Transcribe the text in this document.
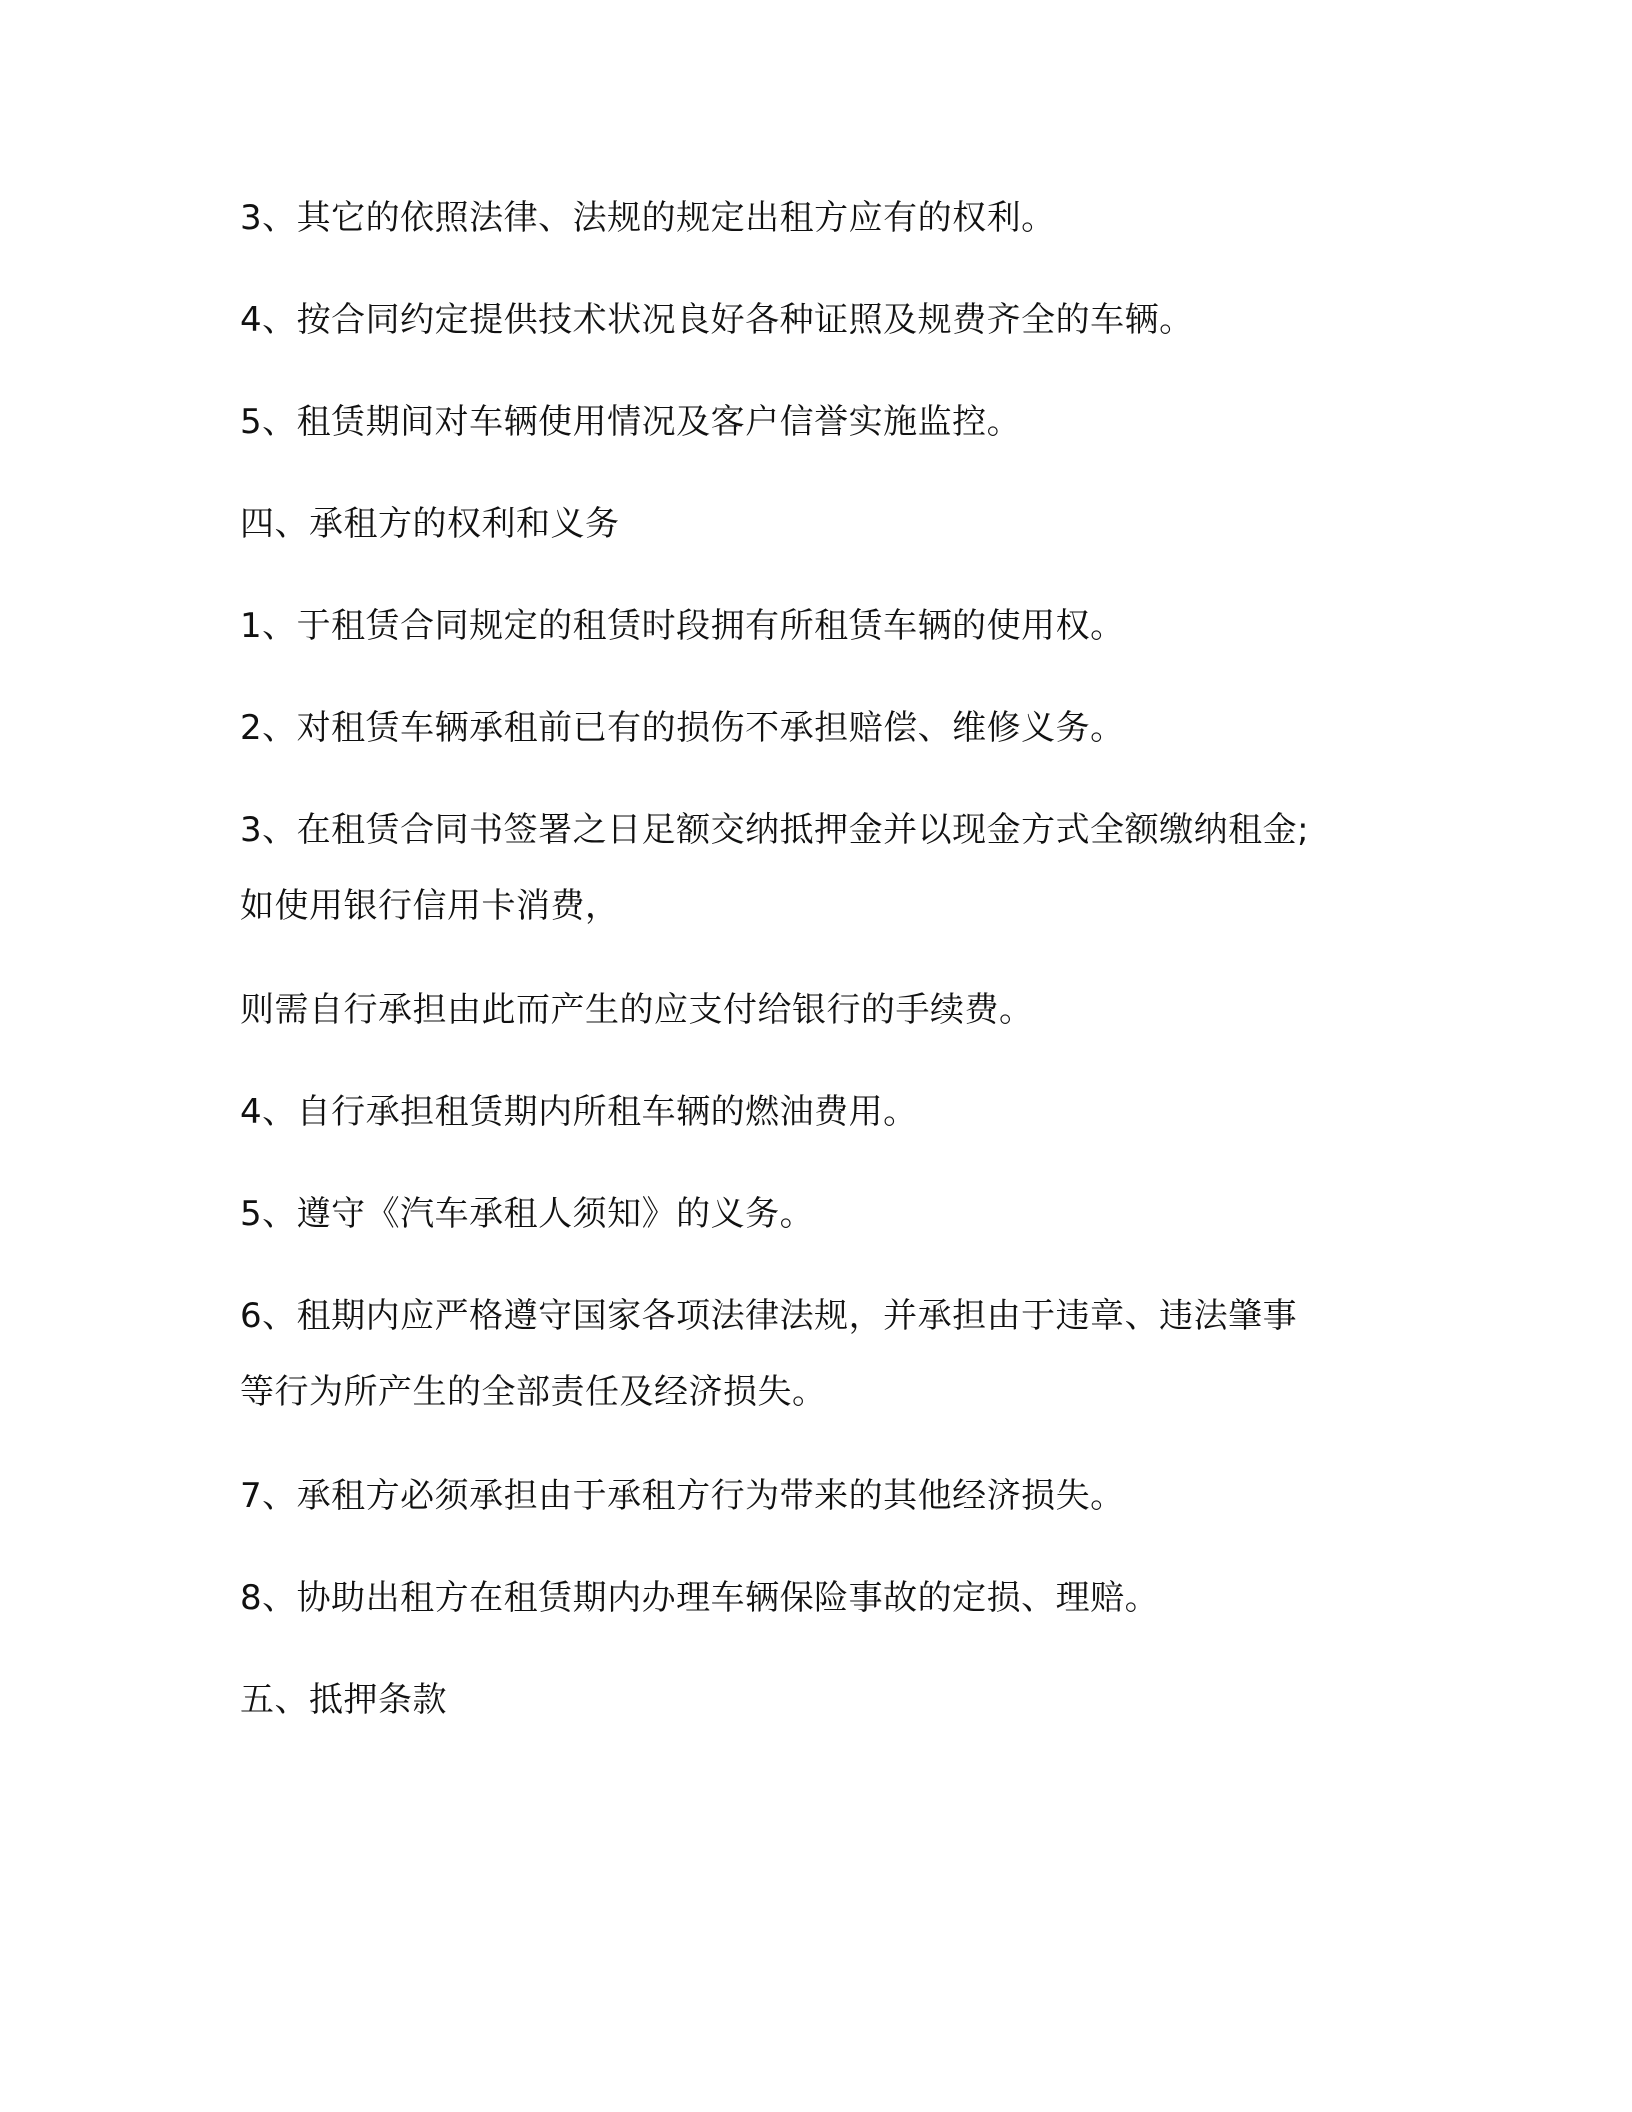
3、其它的依照法律、法规的规定出租方应有的权利。

4、按合同约定提供技术状况良好各种证照及规费齐全的车辆。

5、租赁期间对车辆使用情况及客户信誉实施监控。

四、承租方的权利和义务

1、于租赁合同规定的租赁时段拥有所租赁车辆的使用权。

2、对租赁车辆承租前已有的损伤不承担赔偿、维修义务。

3、在租赁合同书签署之日足额交纳抵押金并以现金方式全额缴纳租金;

如使用银行信用卡消费，

则需自行承担由此而产生的应支付给银行的手续费。

4、自行承担租赁期内所租车辆的燃油费用。

5、遵守《汽车承租人须知》的义务。

6、租期内应严格遵守国家各项法律法规，并承担由于违章、违法肇事

等行为所产生的全部责任及经济损失。

7、承租方必须承担由于承租方行为带来的其他经济损失。

8、协助出租方在租赁期内办理车辆保险事故的定损、理赔。

五、抵押条款
